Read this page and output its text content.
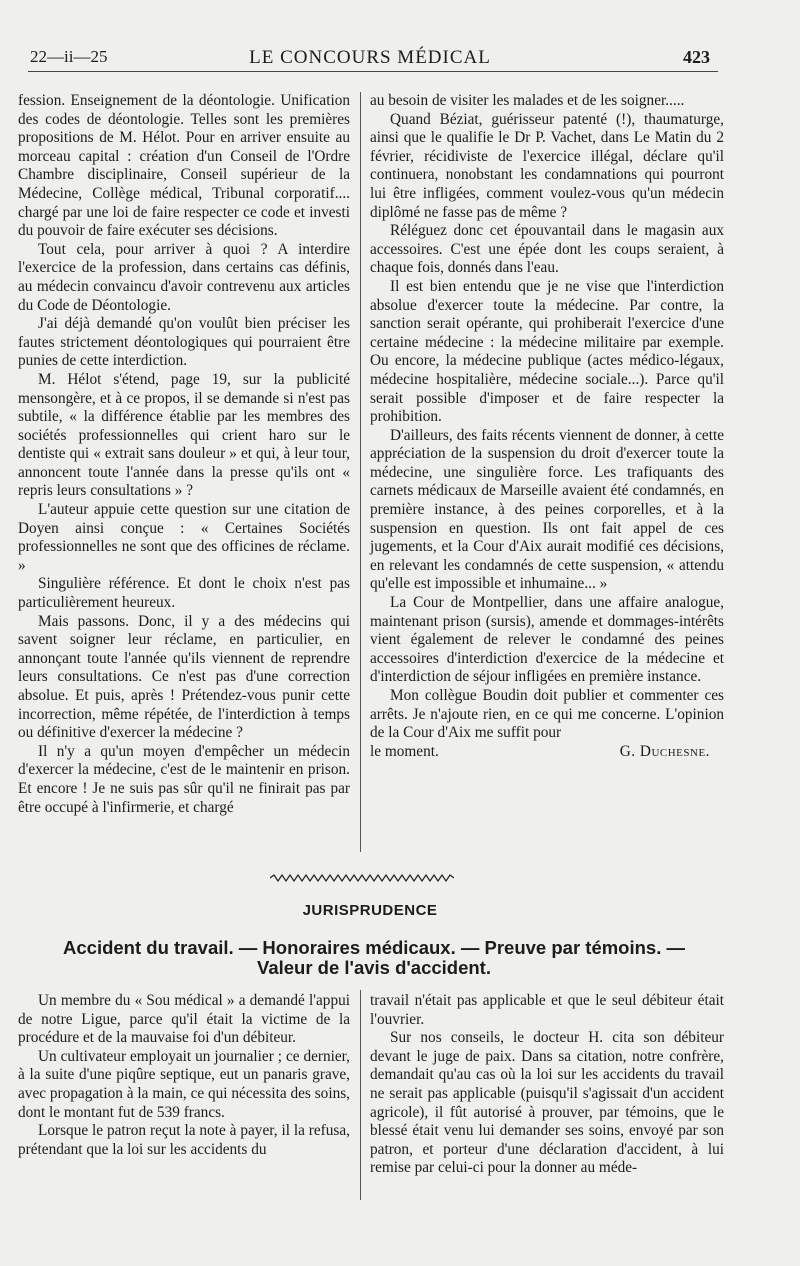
22—ii—25	LE CONCOURS MÉDICAL	423

fession. Enseignement de la déontologie. Unification des codes de déontologie. Telles sont les premières propositions de M. Hélot. Pour en arriver ensuite au morceau capital : création d'un Conseil de l'Ordre Chambre disciplinaire, Conseil supérieur de la Médecine, Collège médical, Tribunal corporatif.... chargé par une loi de faire respecter ce code et investi du pouvoir de faire exécuter ses décisions.

Tout cela, pour arriver à quoi ? A interdire l'exercice de la profession, dans certains cas définis, au médecin convaincu d'avoir contrevenu aux articles du Code de Déontologie.

J'ai déjà demandé qu'on voulût bien préciser les fautes strictement déontologiques qui pourraient être punies de cette interdiction.

M. Hélot s'étend, page 19, sur la publicité mensongère, et à ce propos, il se demande si n'est pas subtile, « la différence établie par les membres des sociétés professionnelles qui crient haro sur le dentiste qui « extrait sans douleur » et qui, à leur tour, annoncent toute l'année dans la presse qu'ils ont « repris leurs consultations » ?

L'auteur appuie cette question sur une citation de Doyen ainsi conçue : « Certaines Sociétés professionnelles ne sont que des officines de réclame. »

Singulière référence. Et dont le choix n'est pas particulièrement heureux.

Mais passons. Donc, il y a des médecins qui savent soigner leur réclame, en particulier, en annonçant toute l'année qu'ils viennent de reprendre leurs consultations. Ce n'est pas d'une correction absolue. Et puis, après ! Prétendez-vous punir cette incorrection, même répétée, de l'interdiction à temps ou définitive d'exercer la médecine ?

Il n'y a qu'un moyen d'empêcher un médecin d'exercer la médecine, c'est de le maintenir en prison. Et encore ! Je ne suis pas sûr qu'il ne finirait pas par être occupé à l'infirmerie, et chargé

au besoin de visiter les malades et de les soigner.....

Quand Béziat, guérisseur patenté (!), thaumaturge, ainsi que le qualifie le Dr P. Vachet, dans Le Matin du 2 février, récidiviste de l'exercice illégal, déclare qu'il continuera, nonobstant les condamnations qui pourront lui être infligées, comment voulez-vous qu'un médecin diplômé ne fasse pas de même ?

Réléguez donc cet épouvantail dans le magasin aux accessoires. C'est une épée dont les coups seraient, à chaque fois, donnés dans l'eau.

Il est bien entendu que je ne vise que l'interdiction absolue d'exercer toute la médecine. Par contre, la sanction serait opérante, qui prohiberait l'exercice d'une certaine médecine : la médecine militaire par exemple. Ou encore, la médecine publique (actes médico-légaux, médecine hospitalière, médecine sociale...). Parce qu'il serait possible d'imposer et de faire respecter la prohibition.

D'ailleurs, des faits récents viennent de donner, à cette appréciation de la suspension du droit d'exercer toute la médecine, une singulière force. Les trafiquants des carnets médicaux de Marseille avaient été condamnés, en première instance, à des peines corporelles, et à la suspension en question. Ils ont fait appel de ces jugements, et la Cour d'Aix aurait modifié ces décisions, en relevant les condamnés de cette suspension, « attendu qu'elle est impossible et inhumaine... »

La Cour de Montpellier, dans une affaire analogue, maintenant prison (sursis), amende et dommages-intérêts vient également de relever le condamné des peines accessoires d'interdiction d'exercice de la médecine et d'interdiction de séjour infligées en première instance.

Mon collègue Boudin doit publier et commenter ces arrêts. Je n'ajoute rien, en ce qui me concerne. L'opinion de la Cour d'Aix me suffit pour

le moment.	G. Duchesne.
JURISPRUDENCE
Accident du travail. — Honoraires médicaux. — Preuve par témoins. —
Valeur de l'avis d'accident.

Un membre du « Sou médical » a demandé l'appui de notre Ligue, parce qu'il était la victime de la procédure et de la mauvaise foi d'un débiteur.

Un cultivateur employait un journalier ; ce dernier, à la suite d'une piqûre septique, eut un panaris grave, avec propagation à la main, ce qui nécessita des soins, dont le montant fut de 539 francs.

Lorsque le patron reçut la note à payer, il la refusa, prétendant que la loi sur les accidents du

travail n'était pas applicable et que le seul débiteur était l'ouvrier.

Sur nos conseils, le docteur H. cita son débiteur devant le juge de paix. Dans sa citation, notre confrère, demandait qu'au cas où la loi sur les accidents du travail ne serait pas applicable (puisqu'il s'agissait d'un accident agricole), il fût autorisé à prouver, par témoins, que le blessé était venu lui demander ses soins, envoyé par son patron, et porteur d'une déclaration d'accident, à lui remise par celui-ci pour la donner au méde-
